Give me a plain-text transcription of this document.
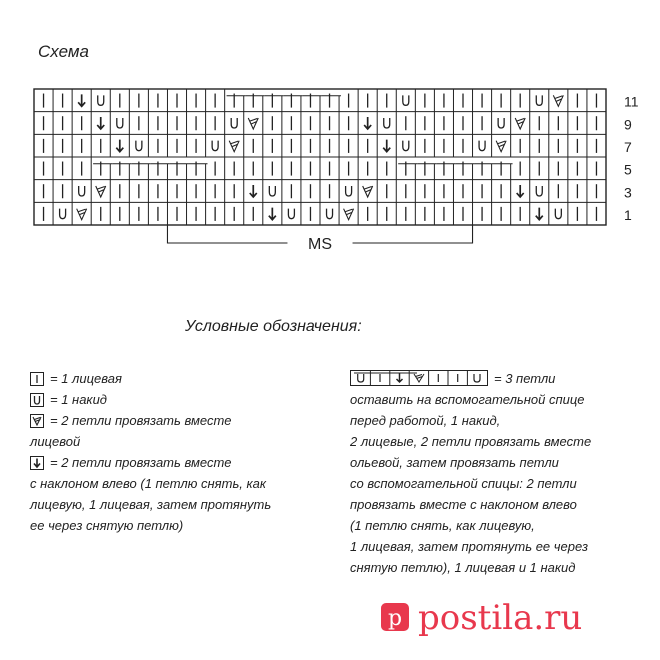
Схема
11
9
7
5
3
1
MS
Условные обозначения:
= 1 лицевая
= 1 накид
= 2 петли провязать вместе
лицевой
= 2 петли провязать вместе
с наклоном влево (1 петлю снять, как
лицевую, 1 лицевая, затем протянуть
ее через снятую петлю)
= 3 петли
оставить на вспомогательной спице
перед работой, 1 накид,
2 лицевые, 2 петли провязать вместе
ольевой, затем провязать петли
со вспомогательной спицы: 2 петли
провязать вместе с наклоном влево
(1 петлю снять, как лицевую,
1 лицевая, затем протянуть ее через
снятую петлю), 1 лицевая и 1 накид
p postila.ru
